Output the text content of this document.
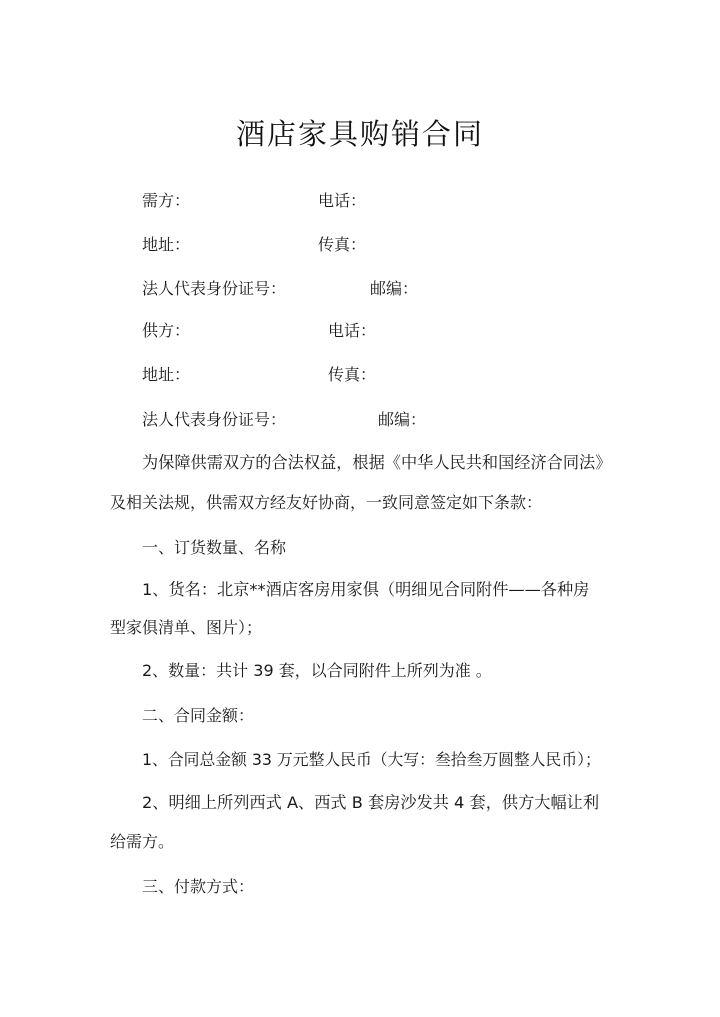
酒店家具购销合同
需方：	电话：
地址：	传真：
法人代表身份证号：	邮编：
供方：	电话：
地址：	传真：
法人代表身份证号：	邮编：
为保障供需双方的合法权益，根据《中华人民共和国经济合同法》
及相关法规，供需双方经友好协商，一致同意签定如下条款：
一、订货数量、名称
1、货名：北京**酒店客房用家俱（明细见合同附件——各种房
型家俱清单、图片）；
2、数量：共计 39 套，以合同附件上所列为准 。
二、合同金额：
1、合同总金额 33 万元整人民币（大写：叁拾叁万圆整人民币）；
2、明细上所列西式 A、西式 B 套房沙发共 4 套，供方大幅让利
给需方。
三、付款方式：
